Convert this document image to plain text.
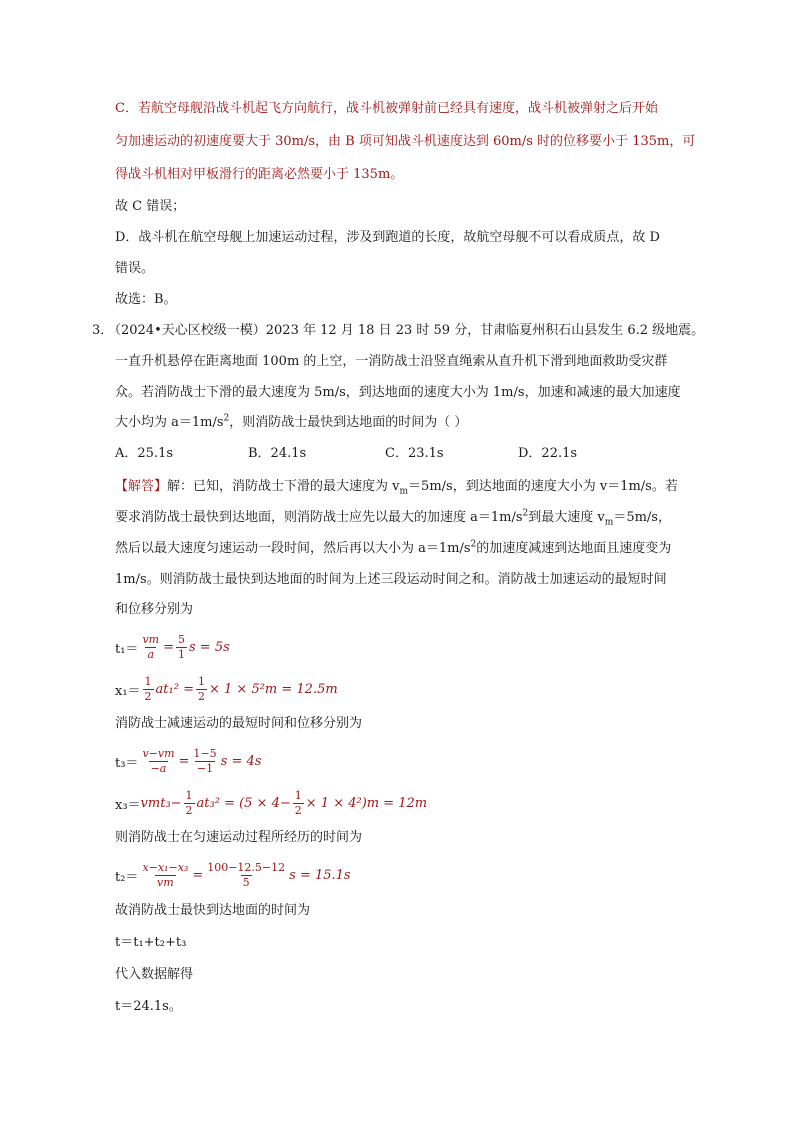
C．若航空母舰沿战斗机起飞方向航行，战斗机被弹射前已经具有速度，战斗机被弹射之后开始
匀加速运动的初速度要大于 30m/s，由 B 项可知战斗机速度达到 60m/s 时的位移要小于 135m，可
得战斗机相对甲板滑行的距离必然要小于 135m。
故 C 错误；
D．战斗机在航空母舰上加速运动过程，涉及到跑道的长度，故航空母舰不可以看成质点，故 D
错误。
故选：B。
3．
（2024•天心区校级一模）2023 年 12 月 18 日 23 时 59 分，甘肃临夏州积石山县发生 6.2 级地震。
一直升机悬停在距离地面 100m 的上空，一消防战士沿竖直绳索从直升机下滑到地面救助受灾群
众。若消防战士下滑的最大速度为 5m/s，到达地面的速度大小为 1m/s，加速和减速的最大加速度
大小均为 $a=1m/s^2$，则消防战士最快到达地面的时间为（ ）
A．25.1s	B．24.1s	C．23.1s	D．22.1s
【解答】解：已知，消防战士下滑的最大速度为 $v_m=5m/s$，到达地面的速度大小为 v＝1m/s。若
要求消防战士最快到达地面，则消防战士应先以最大的加速度 $a=1m/s^2$到最大速度 $v_m=5m/s$，
然后以最大速度匀速运动一段时间，然后再以大小为 $a=1m/s^2$的加速度减速到达地面且速度变为
1m/s。则消防战士最快到达地面的时间为上述三段运动时间之和。消防战士加速运动的最短时间
和位移分别为
$t_1= \frac{vm}{a} = \frac{5}{1}$ s = 5s
$x_1= \frac{1}{2} at_1^2 = \frac{1}{2} \times 1 \times 5^2m = 12.5m$
消防战士减速运动的最短时间和位移分别为
$t_3= \frac{v-vm}{-a} = \frac{1-5}{-1}$ s = 4s
$x_3= vmt_3- \frac{1}{2} at_3^2 = (5 \times 4- \frac{1}{2} \times 1 \times 4^2)m = 12m$
则消防战士在匀速运动过程所经历的时间为
$t_2= \frac{\text{x−x₁−x₃}}{vm} = \frac{100-12.5-12}{5}$ s = 15.1s
故消防战士最快到达地面的时间为
t＝t₁+t₂+t₃
代入数据解得
t＝24.1s。
